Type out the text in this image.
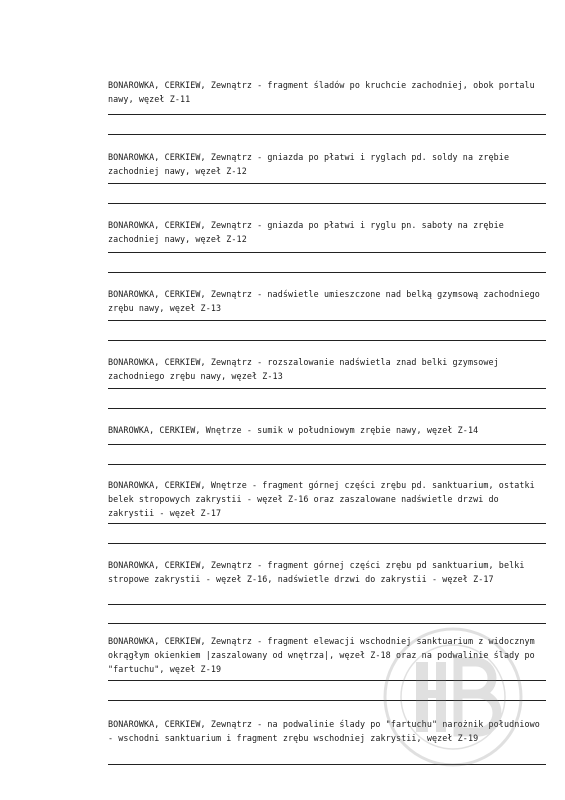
BONAROWKA, CERKIEW, Zewnątrz - fragment śladów po kruchcie zachodniej, obok portalu nawy, węzeł Z-11
BONAROWKA, CERKIEW, Zewnątrz - gniazda po płatwi i ryglach pd. soldy na zrębie zachodniej nawy, węzeł Z-12
BONAROWKA, CERKIEW, Zewnątrz - gniazda po płatwi i ryglu pn. saboty na zrębie zachodniej nawy, węzeł Z-12
BONAROWKA, CERKIEW, Zewnątrz - nadświetle umieszczone nad belką gzymsową zachodniego zrębu nawy, węzeł Z-13
BONAROWKA, CERKIEW, Zewnątrz - rozszalowanie nadświetla znad belki gzymsowej zachodniego zrębu nawy, węzeł Z-13
BNAROWKA, CERKIEW, Wnętrze - sumik w południowym zrębie nawy, węzeł Z-14
BONAROWKA, CERKIEW, Wnętrze - fragment górnej części zrębu pd. sanktuarium, ostatki belek stropowych zakrystii - węzeł Z-16 oraz zaszalowane nadświetle drzwi do zakrystii - węzeł Z-17
BONAROWKA, CERKIEW, Zewnątrz - fragment górnej części zrębu pd sanktuarium, belki stropowe zakrystii - węzeł Z-16, nadświetle drzwi do zakrystii - węzeł Z-17
BONAROWKA, CERKIEW, Zewnątrz - fragment elewacji wschodniej sanktuarium z widocznym okrągłym okienkiem |zaszalowany od wnętrza|, węzeł Z-18 oraz na podwalinie ślady po "fartuchu", węzeł Z-19
BONAROWKA, CERKIEW, Zewnątrz - na podwalinie ślady po "fartuchu" narożnik południowo - wschodni sanktuarium i fragment zrębu wschodniej zakrystii, węzeł Z-19
